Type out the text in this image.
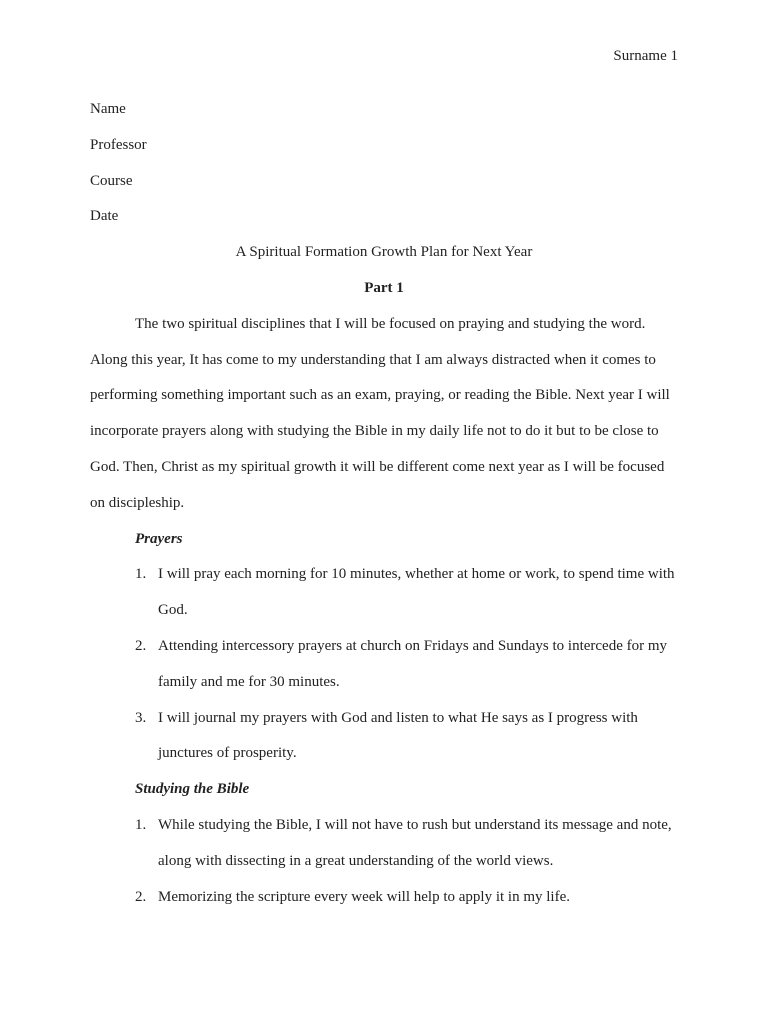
Surname 1
Name
Professor
Course
Date
A Spiritual Formation Growth Plan for Next Year
Part 1
The two spiritual disciplines that I will be focused on praying and studying the word. Along this year, It has come to my understanding that I am always distracted when it comes to performing something important such as an exam, praying, or reading the Bible. Next year I will incorporate prayers along with studying the Bible in my daily life not to do it but to be close to God. Then, Christ as my spiritual growth it will be different come next year as I will be focused on discipleship.
Prayers
1. I will pray each morning for 10 minutes, whether at home or work, to spend time with God.
2. Attending intercessory prayers at church on Fridays and Sundays to intercede for my family and me for 30 minutes.
3. I will journal my prayers with God and listen to what He says as I progress with junctures of prosperity.
Studying the Bible
1. While studying the Bible, I will not have to rush but understand its message and note, along with dissecting in a great understanding of the world views.
2. Memorizing the scripture every week will help to apply it in my life.
